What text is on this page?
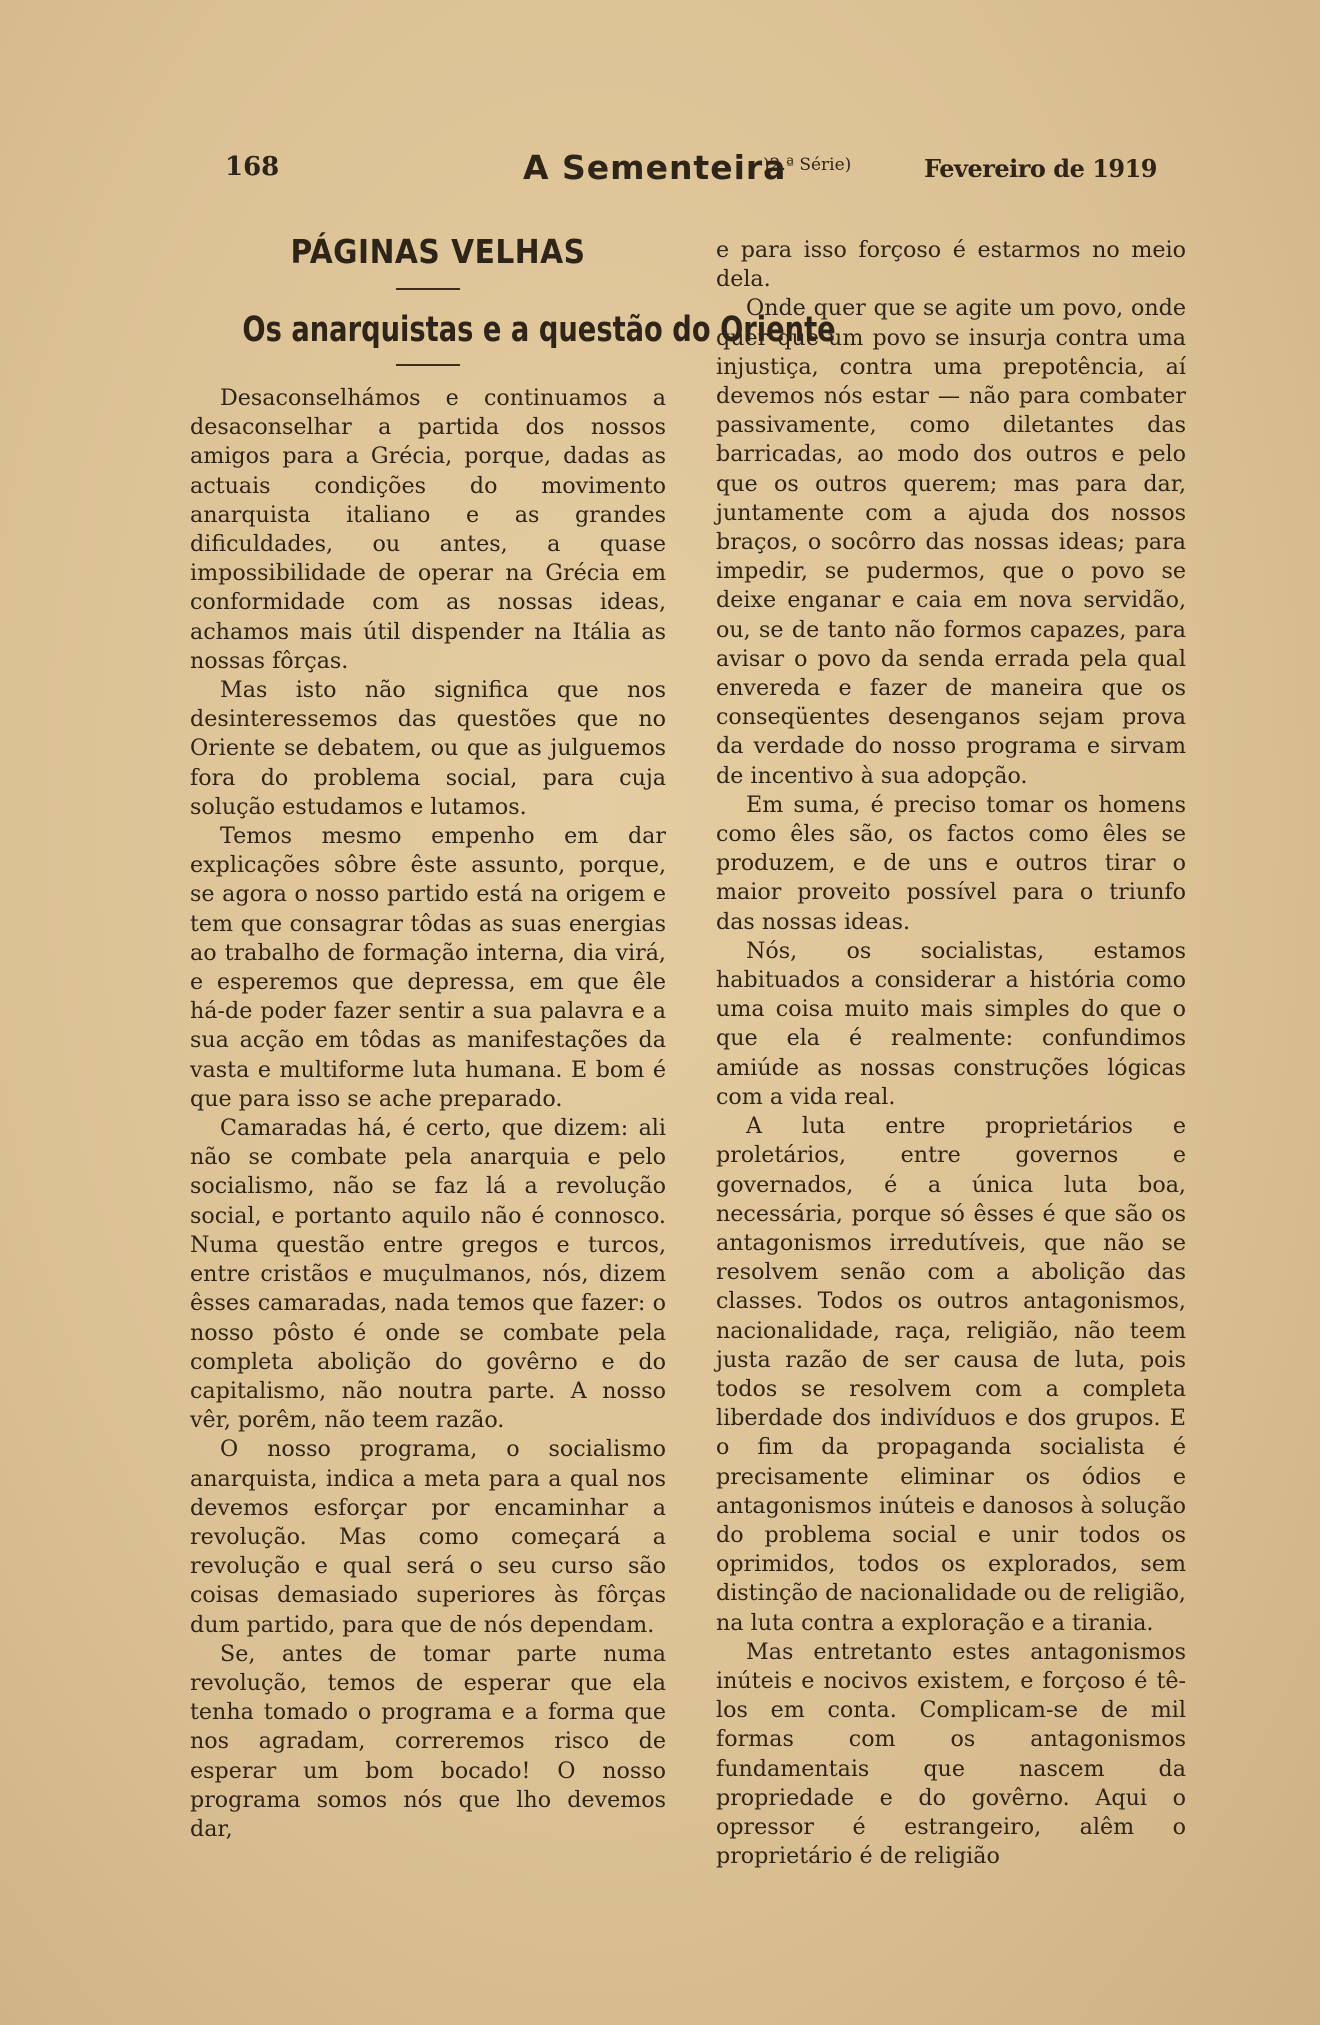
168	A Sementeira
)2.ª Série)	Fevereiro de 1919
PÁGINAS VELHAS
Os anarquistas e a questão do Oriente

Desaconselhámos e continuamos a desaconselhar a partida dos nossos amigos para a Grécia, porque, dadas as actuais condições do movimento anarquista italiano e as grandes dificuldades, ou antes, a quase impossibilidade de operar na Grécia em conformidade com as nossas ideas, achamos mais útil dispender na Itália as nossas fôrças.

Mas isto não significa que nos desinteressemos das questões que no Oriente se debatem, ou que as julguemos fora do problema social, para cuja solução estudamos e lutamos.

Temos mesmo empenho em dar explicações sôbre êste assunto, porque, se agora o nosso partido está na origem e tem que consagrar tôdas as suas energias ao trabalho de formação interna, dia virá, e esperemos que depressa, em que êle há-de poder fazer sentir a sua palavra e a sua acção em tôdas as manifestações da vasta e multiforme luta humana. E bom é que para isso se ache preparado.

Camaradas há, é certo, que dizem: ali não se combate pela anarquia e pelo socialismo, não se faz lá a revolução social, e portanto aquilo não é connosco. Numa questão entre gregos e turcos, entre cristãos e muçulmanos, nós, dizem êsses camaradas, nada temos que fazer: o nosso pôsto é onde se combate pela completa abolição do govêrno e do capitalismo, não noutra parte. A nosso vêr, porêm, não teem razão.

O nosso programa, o socialismo anarquista, indica a meta para a qual nos devemos esforçar por encaminhar a revolução. Mas como começará a revolução e qual será o seu curso são coisas demasiado superiores às fôrças dum partido, para que de nós dependam.

Se, antes de tomar parte numa revolução, temos de esperar que ela tenha tomado o programa e a forma que nos agradam, correremos risco de esperar um bom bocado! O nosso programa somos nós que lho devemos dar,

e para isso forçoso é estarmos no meio dela.

Onde quer que se agite um povo, onde quer que um povo se insurja contra uma injustiça, contra uma prepotência, aí devemos nós estar — não para combater passivamente, como diletantes das barricadas, ao modo dos outros e pelo que os outros querem; mas para dar, juntamente com a ajuda dos nossos braços, o socôrro das nossas ideas; para impedir, se pudermos, que o povo se deixe enganar e caia em nova servidão, ou, se de tanto não formos capazes, para avisar o povo da senda errada pela qual envereda e fazer de maneira que os conseqüentes desenganos sejam prova da verdade do nosso programa e sirvam de incentivo à sua adopção.

Em suma, é preciso tomar os homens como êles são, os factos como êles se produzem, e de uns e outros tirar o maior proveito possível para o triunfo das nossas ideas.

Nós, os socialistas, estamos habituados a considerar a história como uma coisa muito mais simples do que o que ela é realmente: confundimos amiúde as nossas construções lógicas com a vida real.

A luta entre proprietários e proletários, entre governos e governados, é a única luta boa, necessária, porque só êsses é que são os antagonismos irredutíveis, que não se resolvem senão com a abolição das classes. Todos os outros antagonismos, nacionalidade, raça, religião, não teem justa razão de ser causa de luta, pois todos se resolvem com a completa liberdade dos indivíduos e dos grupos. E o fim da propaganda socialista é precisamente eliminar os ódios e antagonismos inúteis e danosos à solução do problema social e unir todos os oprimidos, todos os explorados, sem distinção de nacionalidade ou de religião, na luta contra a exploração e a tirania.

Mas entretanto estes antagonismos inúteis e nocivos existem, e forçoso é tê-los em conta. Complicam-se de mil formas com os antagonismos fundamentais que nascem da propriedade e do govêrno. Aqui o opressor é estrangeiro, alêm o proprietário é de religião
